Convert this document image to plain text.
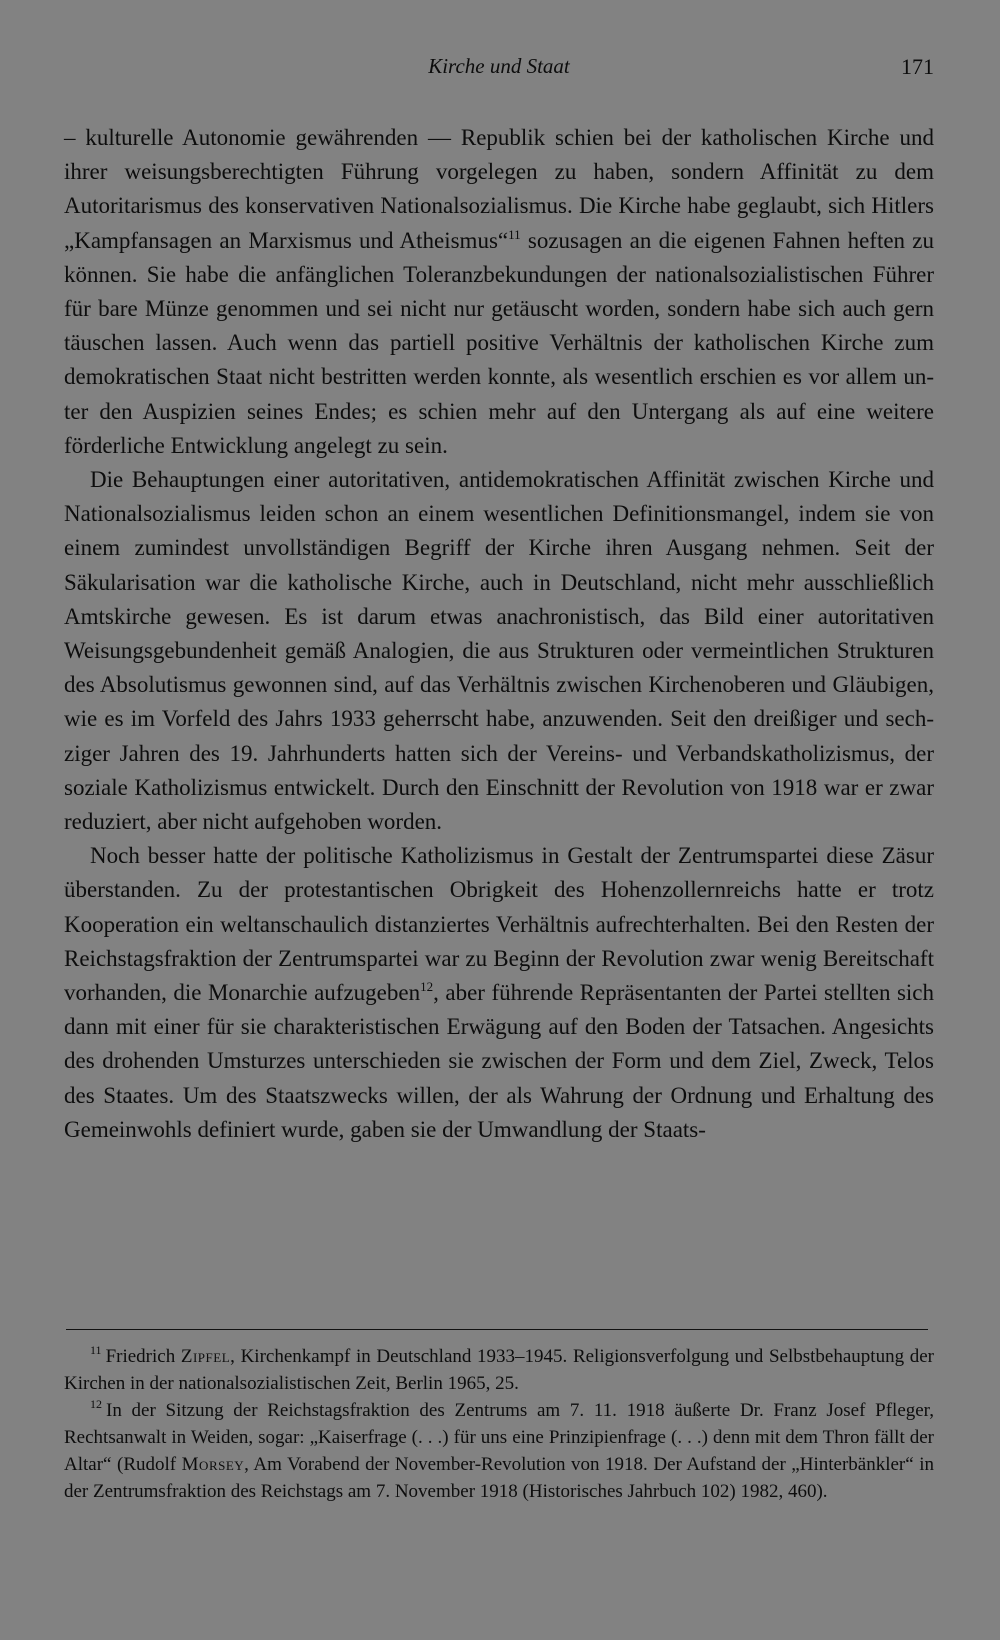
Kirche und Staat	171

– kulturelle Autonomie gewährenden — Republik schien bei der katholischen Kirche und ihrer weisungsberechtigten Führung vorgelegen zu haben, sondern Affinität zu dem Autoritarismus des konservativen Nationalsozialismus. Die Kirche habe geglaubt, sich Hitlers „Kampfansagen an Marxismus und Atheismus“$^{11}$ sozusagen an die eigenen Fahnen heften zu können. Sie habe die anfänglichen Toleranzbekundungen der nationalsozialistischen Führer für bare Münze genommen und sei nicht nur getäuscht worden, sondern habe sich auch gern täuschen lassen. Auch wenn das partiell positive Verhältnis der katholischen Kirche zum demokratischen Staat nicht bestritten werden konnte, als wesentlich erschien es vor allem unter den Auspizien seines Endes; es schien mehr auf den Untergang als auf eine weitere förderliche Entwicklung angelegt zu sein.

Die Behauptungen einer autoritativen, antidemokratischen Affinität zwischen Kirche und Nationalsozialismus leiden schon an einem wesentlichen Definitionsmangel, indem sie von einem zumindest unvollständigen Begriff der Kirche ihren Ausgang nehmen. Seit der Säkularisation war die katholische Kirche, auch in Deutschland, nicht mehr ausschließlich Amtskirche gewesen. Es ist darum etwas anachronistisch, das Bild einer autoritativen Weisungsgebundenheit gemäß Analogien, die aus Strukturen oder vermeintlichen Strukturen des Absolutismus gewonnen sind, auf das Verhältnis zwischen Kirchenoberen und Gläubigen, wie es im Vorfeld des Jahrs 1933 geherrscht habe, anzuwenden. Seit den dreißiger und sechziger Jahren des 19. Jahrhunderts hatten sich der Vereins- und Verbandskatholizismus, der soziale Katholizismus entwickelt. Durch den Einschnitt der Revolution von 1918 war er zwar reduziert, aber nicht aufgehoben worden.

Noch besser hatte der politische Katholizismus in Gestalt der Zentrumspartei diese Zäsur überstanden. Zu der protestantischen Obrigkeit des Hohenzollernreichs hatte er trotz Kooperation ein weltanschaulich distanziertes Verhältnis aufrechterhalten. Bei den Resten der Reichstagsfraktion der Zentrumspartei war zu Beginn der Revolution zwar wenig Bereitschaft vorhanden, die Monarchie aufzugeben$^{12}$, aber führende Repräsentanten der Partei stellten sich dann mit einer für sie charakteristischen Erwägung auf den Boden der Tatsachen. Angesichts des drohenden Umsturzes unterschieden sie zwischen der Form und dem Ziel, Zweck, Telos des Staates. Um des Staatszwecks willen, der als Wahrung der Ordnung und Erhaltung des Gemeinwohls definiert wurde, gaben sie der Umwandlung der Staats-

$^{11}$ Friedrich Zipfel, Kirchenkampf in Deutschland 1933–1945. Religionsverfolgung und Selbstbehauptung der Kirchen in der nationalsozialistischen Zeit, Berlin 1965, 25.

$^{12}$ In der Sitzung der Reichstagsfraktion des Zentrums am 7. 11. 1918 äußerte Dr. Franz Josef Pfleger, Rechtsanwalt in Weiden, sogar: „Kaiserfrage (. . .) für uns eine Prinzipienfrage (. . .) denn mit dem Thron fällt der Altar“ (Rudolf Morsey, Am Vorabend der November-Revolution von 1918. Der Aufstand der „Hinterbänkler“ in der Zentrumsfraktion des Reichstags am 7. November 1918 (Historisches Jahrbuch 102) 1982, 460).
